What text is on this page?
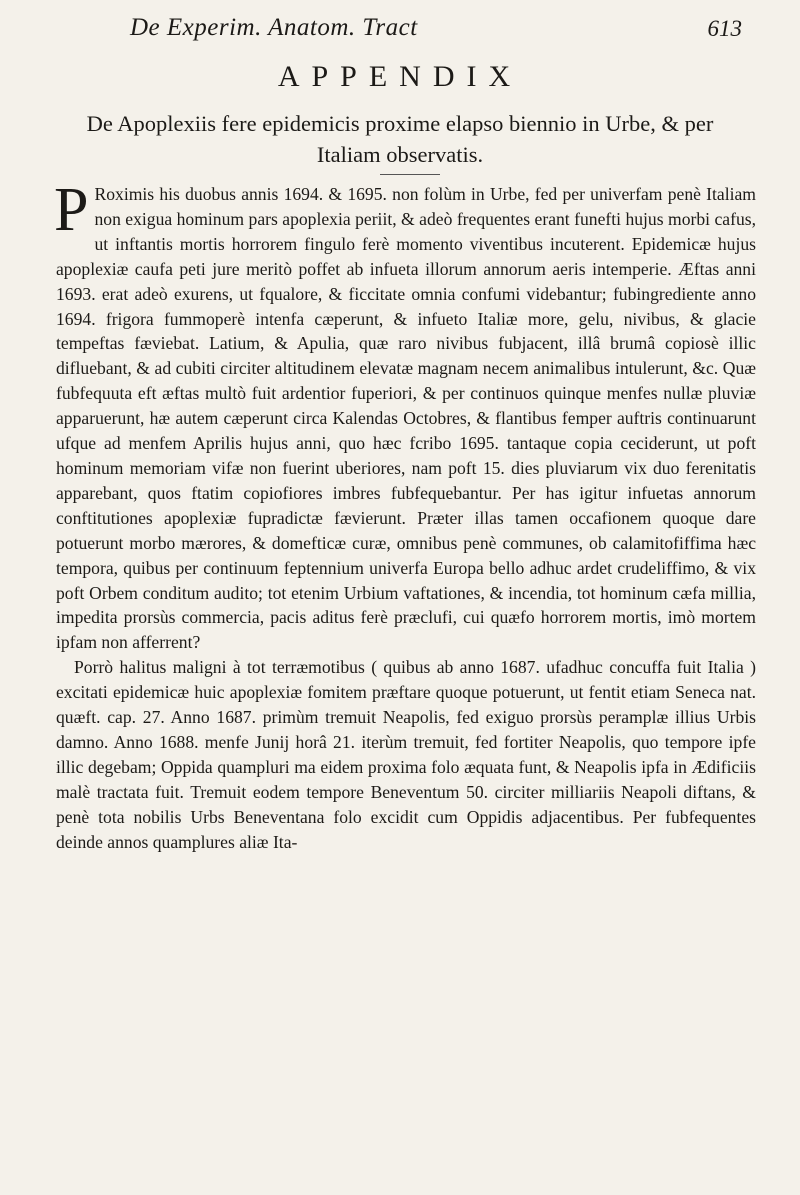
De Experim. Anatom. Tract	613
APPENDIX
De Apoplexiis fere epidemicis proxime elapso biennio in Urbe, & per Italiam observatis.

P Roximis his duobus annis 1694. & 1695. non folùm in Urbe, fed per univerfam penè Italiam non exigua hominum pars apoplexia periit, & adeò frequentes erant funefti hujus morbi cafus, ut inftantis mortis horrorem fingulo ferè momento viventibus incuterent. Epidemicæ hujus apoplexiæ caufa peti jure meritò poffet ab infueta illorum annorum aeris intemperie. Æftas anni 1693. erat adeò exurens, ut fqualore, & ficcitate omnia confumi videbantur; fubingrediente anno 1694. frigora fummoperè intenfa cæperunt, & infueto Italiæ more, gelu, nivibus, & glacie tempeftas fæviebat. Latium, & Apulia, quæ raro nivibus fubjacent, illâ brumâ copiosè illic difluebant, & ad cubiti circiter altitudinem elevatæ magnam necem animalibus intulerunt, &c. Quæ fubfequuta eft æftas multò fuit ardentior fuperiori, & per continuos quinque menfes nullæ pluviæ apparuerunt, hæ autem cæperunt circa Kalendas Octobres, & flantibus femper auftris continuarunt ufque ad menfem Aprilis hujus anni, quo hæc fcribo 1695. tantaque copia ceciderunt, ut poft hominum memoriam vifæ non fuerint uberiores, nam poft 15. dies pluviarum vix duo ferenitatis apparebant, quos ftatim copiofiores imbres fubfequebantur. Per has igitur infuetas annorum conftitutiones apoplexiæ fupradictæ fævierunt. Præter illas tamen occafionem quoque dare potuerunt morbo mærores, & domefticæ curæ, omnibus penè communes, ob calamitofiffima hæc tempora, quibus per continuum feptennium univerfa Europa bello adhuc ardet crudeliffimo, & vix poft Orbem conditum audito; tot etenim Urbium vaftationes, & incendia, tot hominum cæfa millia, impedita prorsùs commercia, pacis aditus ferè præclufi, cui quæfo horrorem mortis, imò mortem ipfam non afferrent?

Porrò halitus maligni à tot terræmotibus ( quibus ab anno 1687. ufadhuc concuffa fuit Italia ) excitati epidemicæ huic apoplexiæ fomitem præftare quoque potuerunt, ut fentit etiam Seneca nat. quæft. cap. 27. Anno 1687. primùm tremuit Neapolis, fed exiguo prorsùs peramplæ illius Urbis damno. Anno 1688. menfe Junij horâ 21. iterùm tremuit, fed fortiter Neapolis, quo tempore ipfe illic degebam; Oppida quampluri ma eidem proxima folo æquata funt, & Neapolis ipfa in Ædificiis malè tractata fuit. Tremuit eodem tempore Beneventum 50. circiter milliariis Neapoli diftans, & penè tota nobilis Urbs Beneventana folo excidit cum Oppidis adjacentibus. Per fubfequentes deinde annos quamplures aliæ Ita-
